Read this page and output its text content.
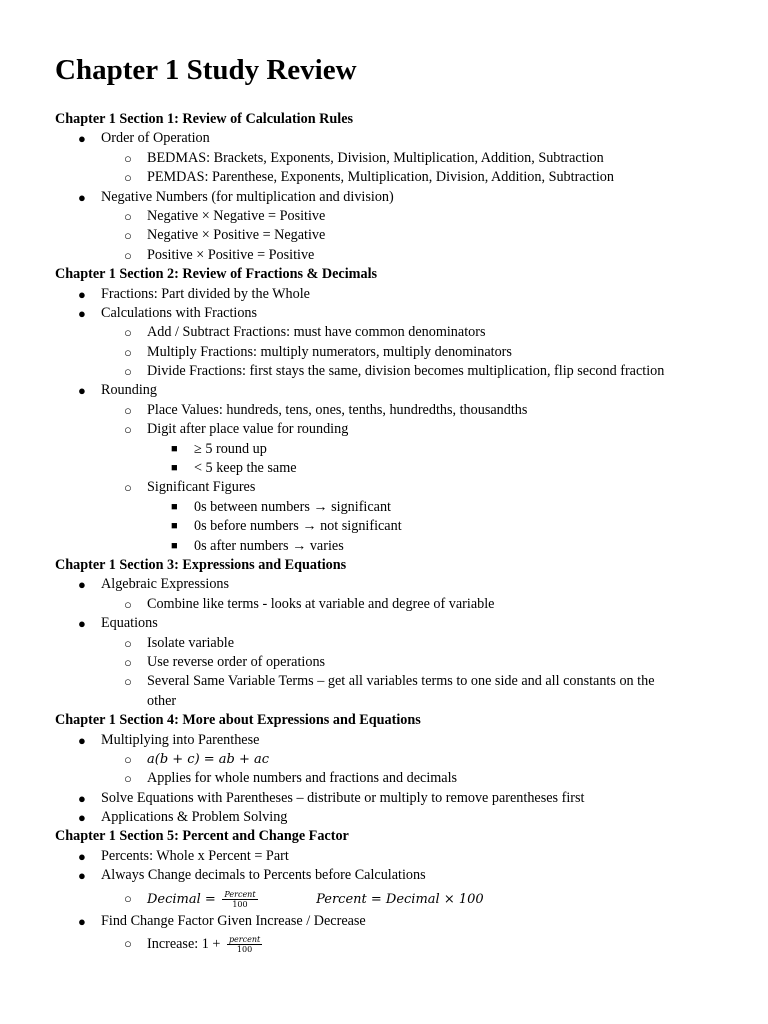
Chapter 1 Study Review
Chapter 1 Section 1: Review of Calculation Rules
● Order of Operation
○ BEDMAS: Brackets, Exponents, Division, Multiplication, Addition, Subtraction
○ PEMDAS: Parenthese, Exponents, Multiplication, Division, Addition, Subtraction
● Negative Numbers (for multiplication and division)
○ Negative × Negative = Positive
○ Negative × Positive = Negative
○ Positive × Positive = Positive
Chapter 1 Section 2: Review of Fractions & Decimals
● Fractions: Part divided by the Whole
● Calculations with Fractions
○ Add / Subtract Fractions: must have common denominators
○ Multiply Fractions: multiply numerators, multiply denominators
○ Divide Fractions: first stays the same, division becomes multiplication, flip second fraction
● Rounding
○ Place Values: hundreds, tens, ones, tenths, hundredths, thousandths
○ Digit after place value for rounding
■ ≥ 5 round up
■ < 5 keep the same
○ Significant Figures
■ 0s between numbers → significant
■ 0s before numbers → not significant
■ 0s after numbers → varies
Chapter 1 Section 3: Expressions and Equations
● Algebraic Expressions
○ Combine like terms - looks at variable and degree of variable
● Equations
○ Isolate variable
○ Use reverse order of operations
○ Several Same Variable Terms – get all variables terms to one side and all constants on the
other
Chapter 1 Section 4: More about Expressions and Equations
● Multiplying into Parenthese
○ a(b + c) = ab + ac
○ Applies for whole numbers and fractions and decimals
● Solve Equations with Parentheses – distribute or multiply to remove parentheses first
● Applications & Problem Solving
Chapter 1 Section 5: Percent and Change Factor
● Percents: Whole x Percent = Part
● Always Change decimals to Percents before Calculations
○ Decimal = $\frac{\text{Percent}}{100}$	Percent = Decimal × 100
● Find Change Factor Given Increase / Decrease
○ Increase: $1 + \frac{\text{percent}}{100}$
